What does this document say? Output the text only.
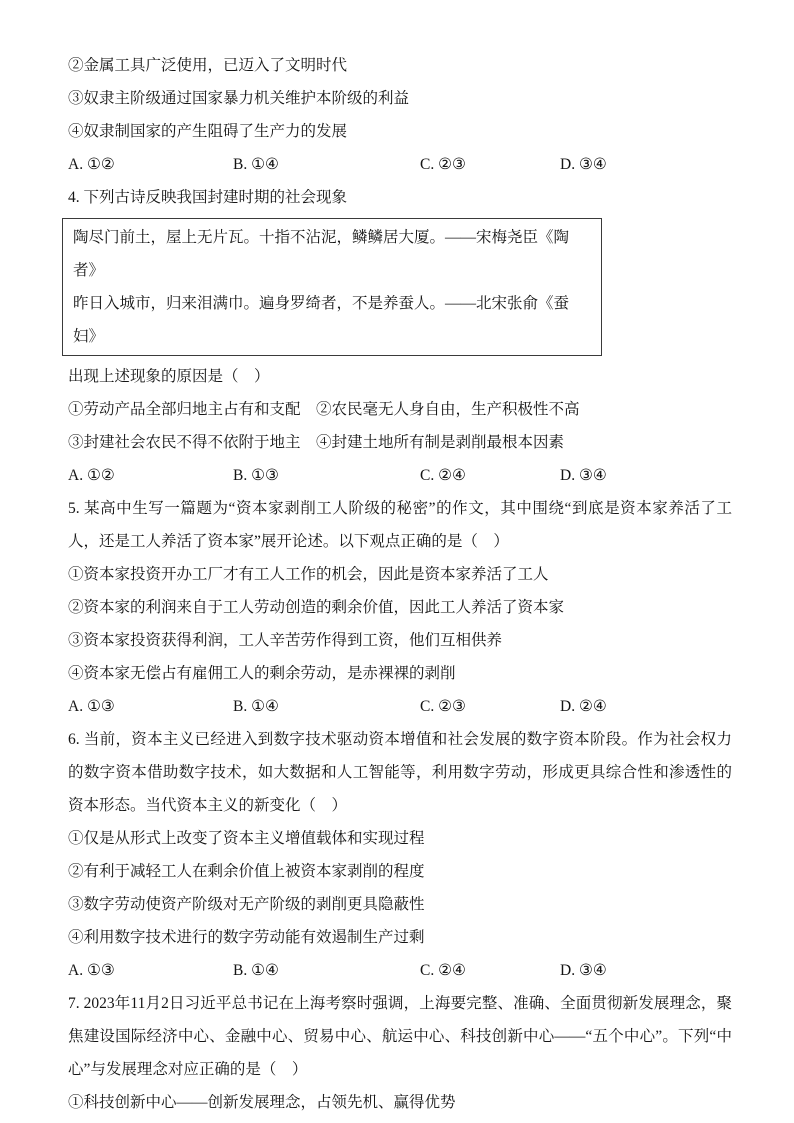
②金属工具广泛使用，已迈入了文明时代
③奴隶主阶级通过国家暴力机关维护本阶级的利益
④奴隶制国家的产生阻碍了生产力的发展
A. ①②	B. ①④	C. ②③	D. ③④
4. 下列古诗反映我国封建时期的社会现象
陶尽门前土，屋上无片瓦。十指不沾泥，鳞鳞居大厦。——宋梅尧臣《陶者》
昨日入城市，归来泪满巾。遍身罗绮者，不是养蚕人。——北宋张俞《蚕妇》
出现上述现象的原因是（　）
①劳动产品全部归地主占有和支配 ②农民毫无人身自由，生产积极性不高
③封建社会农民不得不依附于地主 ④封建土地所有制是剥削最根本因素
A. ①②	B. ①③	C. ②④	D. ③④
5. 某高中生写一篇题为“资本家剥削工人阶级的秘密”的作文，其中围绕“到底是资本家养活了工人，还是工人养活了资本家”展开论述。以下观点正确的是（　）
①资本家投资开办工厂才有工人工作的机会，因此是资本家养活了工人
②资本家的利润来自于工人劳动创造的剩余价值，因此工人养活了资本家
③资本家投资获得利润，工人辛苦劳作得到工资，他们互相供养
④资本家无偿占有雇佣工人的剩余劳动，是赤裸裸的剥削
A. ①③	B. ①④	C. ②③	D. ②④
6. 当前，资本主义已经进入到数字技术驱动资本增值和社会发展的数字资本阶段。作为社会权力的数字资本借助数字技术，如大数据和人工智能等，利用数字劳动，形成更具综合性和渗透性的资本形态。当代资本主义的新变化（　）
①仅是从形式上改变了资本主义增值载体和实现过程
②有利于减轻工人在剩余价值上被资本家剥削的程度
③数字劳动使资产阶级对无产阶级的剥削更具隐蔽性
④利用数字技术进行的数字劳动能有效遏制生产过剩
A. ①③	B. ①④	C. ②④	D. ③④
7. 2023年11月2日习近平总书记在上海考察时强调，上海要完整、准确、全面贯彻新发展理念，聚焦建设国际经济中心、金融中心、贸易中心、航运中心、科技创新中心——“五个中心”。下列“中心”与发展理念对应正确的是（　）
①科技创新中心——创新发展理念，占领先机、赢得优势
